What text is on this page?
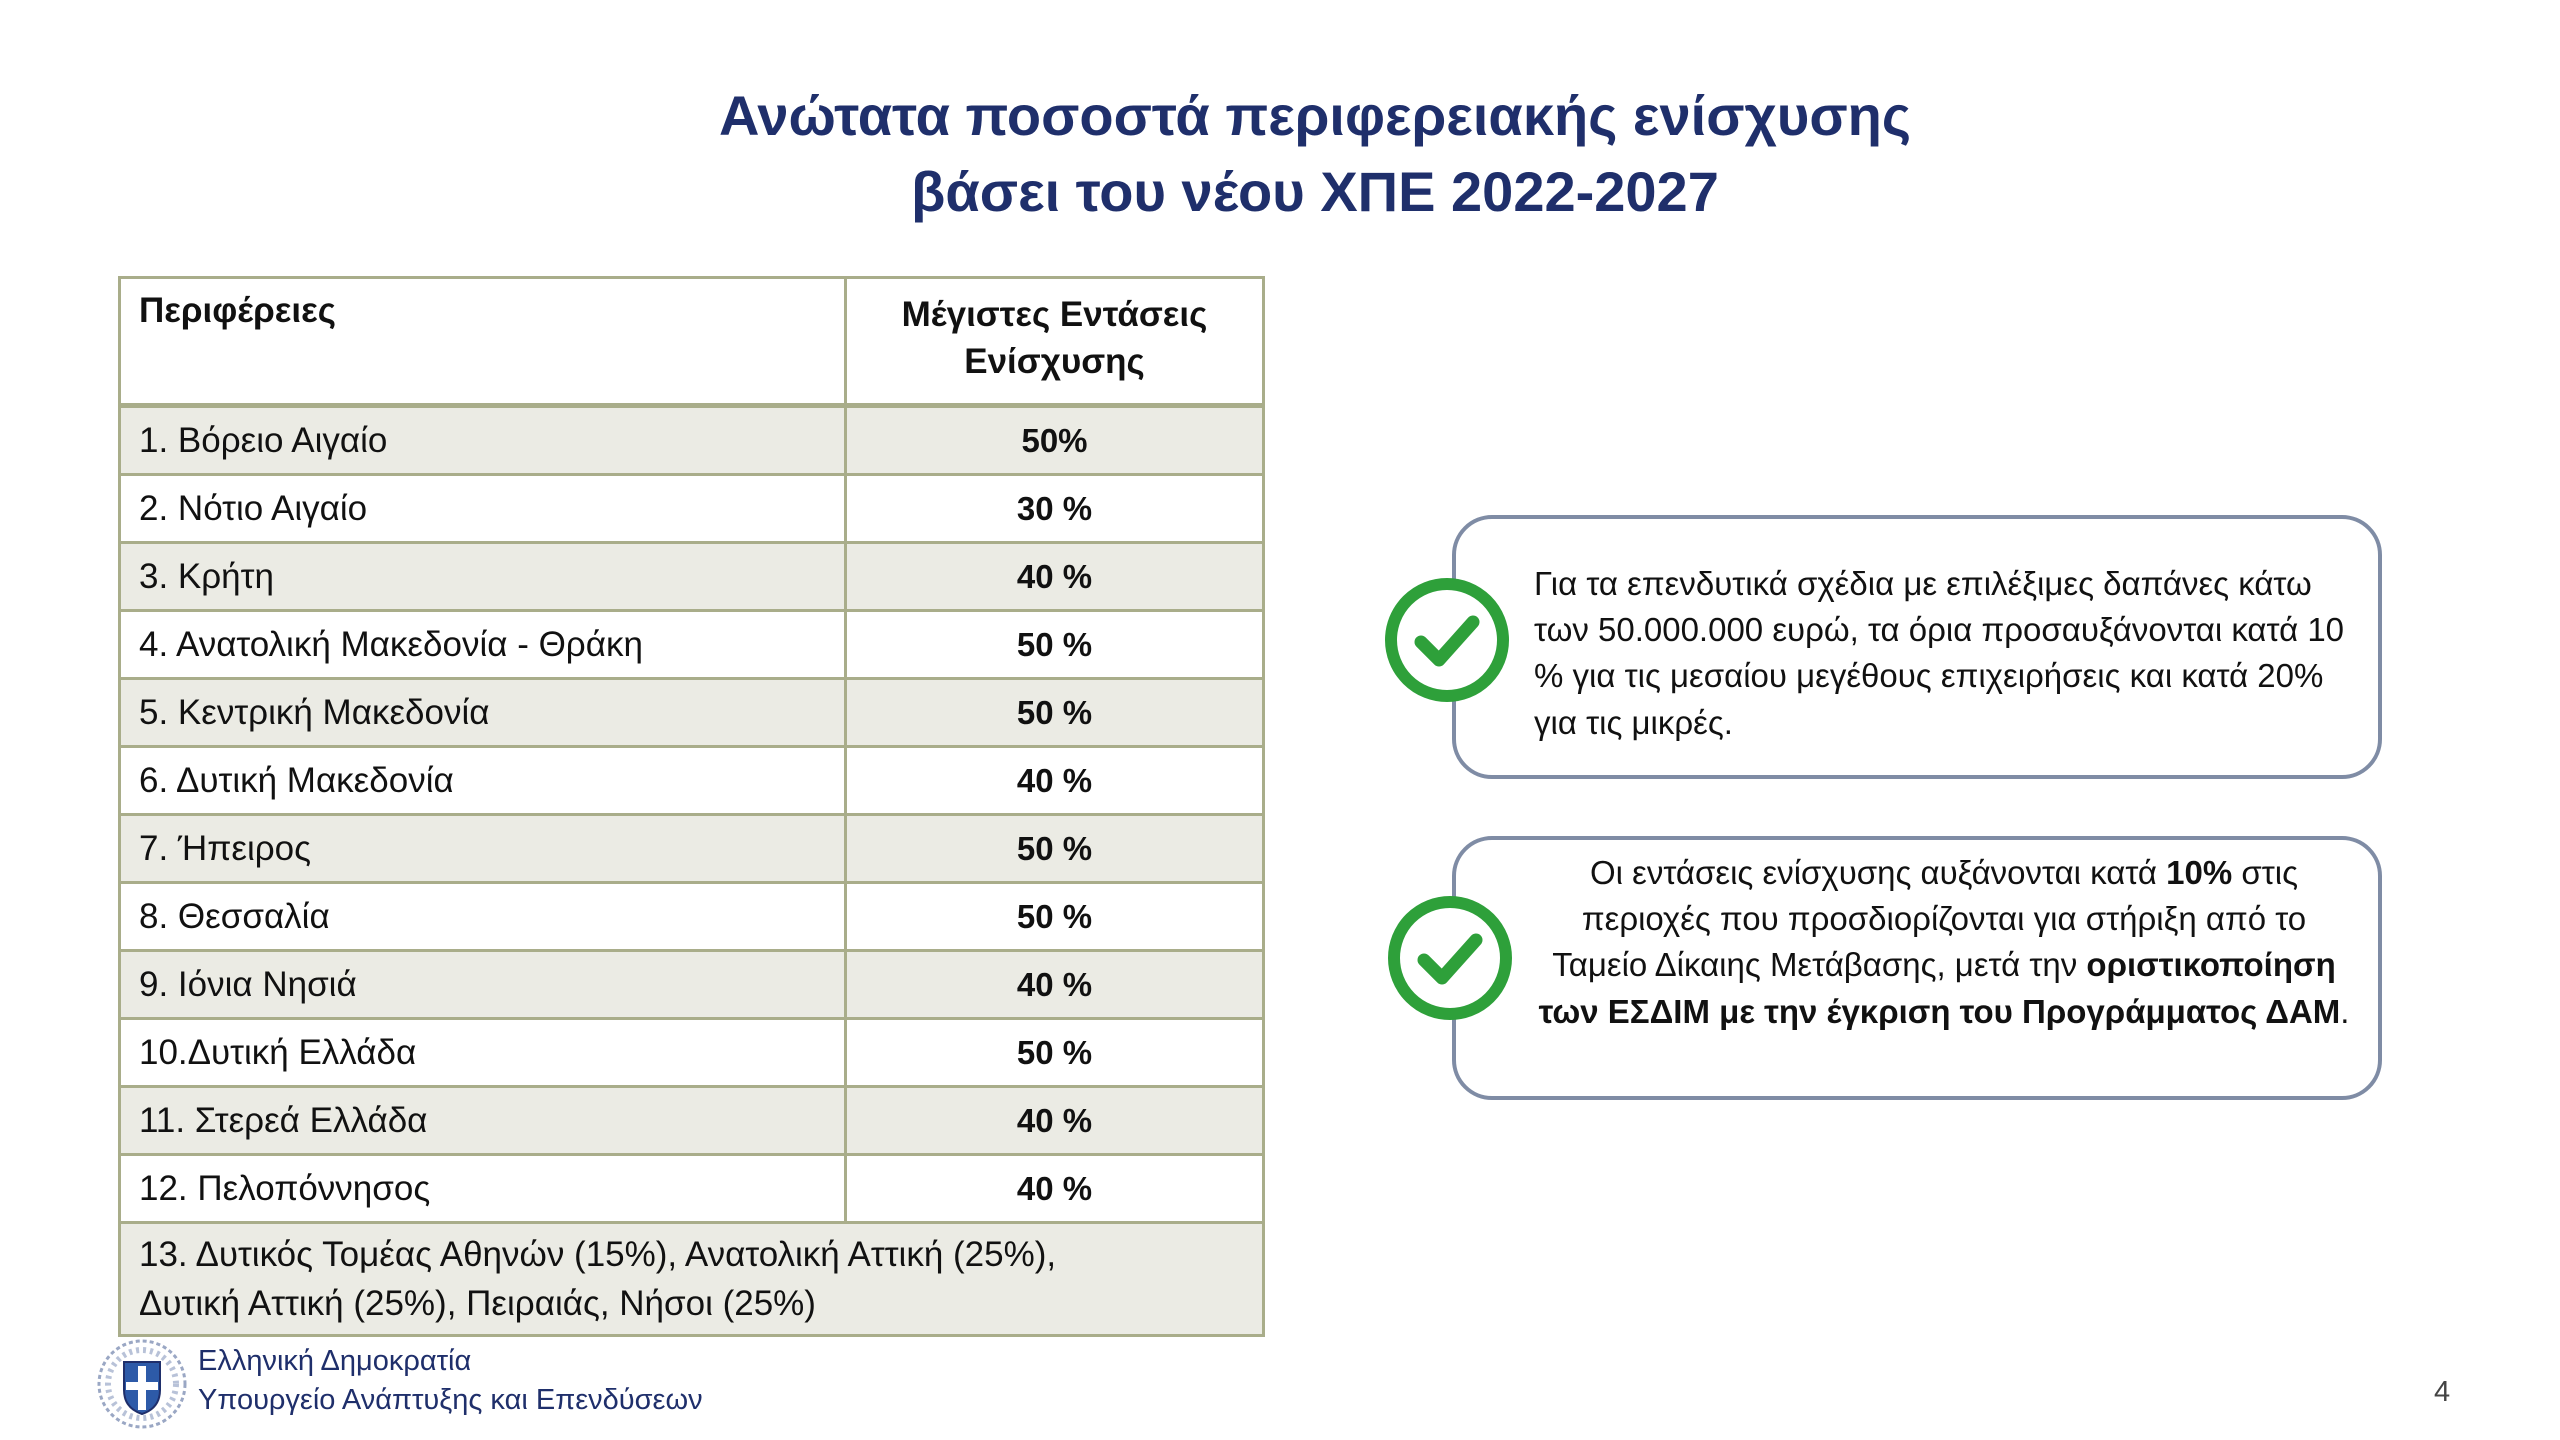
Ανώτατα ποσοστά περιφερειακής ενίσχυσης
βάσει του νέου ΧΠΕ 2022-2027
Περιφέρειες	Μέγιστες Εντάσεις
Ενίσχυσης
1. Βόρειο Αιγαίο	50%
2. Νότιο Αιγαίο	30 %
3. Κρήτη	40 %
4. Ανατολική Μακεδονία - Θράκη	50 %
5. Κεντρική Μακεδονία	50 %
6. Δυτική Μακεδονία	40 %
7. Ήπειρος	50 %
8. Θεσσαλία	50 %
9. Ιόνια Νησιά	40 %
10.Δυτική Ελλάδα	50 %
11. Στερεά Ελλάδα	40 %
12. Πελοπόννησος	40 %
13. Δυτικός Τομέας Αθηνών (15%), Ανατολική Αττική (25%),
Δυτική Αττική (25%), Πειραιάς, Νήσοι (25%)	
Για τα επενδυτικά σχέδια με επιλέξιμες δαπάνες κάτω των 50.000.000 ευρώ, τα όρια προσαυξάνονται κατά 10 % για τις μεσαίου μεγέθους επιχειρήσεις και κατά 20% για τις μικρές.
Οι εντάσεις ενίσχυσης αυξάνονται κατά 10% στις περιοχές που προσδιορίζονται για στήριξη από το Ταμείο Δίκαιης Μετάβασης, μετά την οριστικοποίηση των ΕΣΔΙΜ με την έγκριση του Προγράμματος ΔΑΜ.
Ελληνική Δημοκρατία
Υπουργείο Ανάπτυξης και Επενδύσεων	4
